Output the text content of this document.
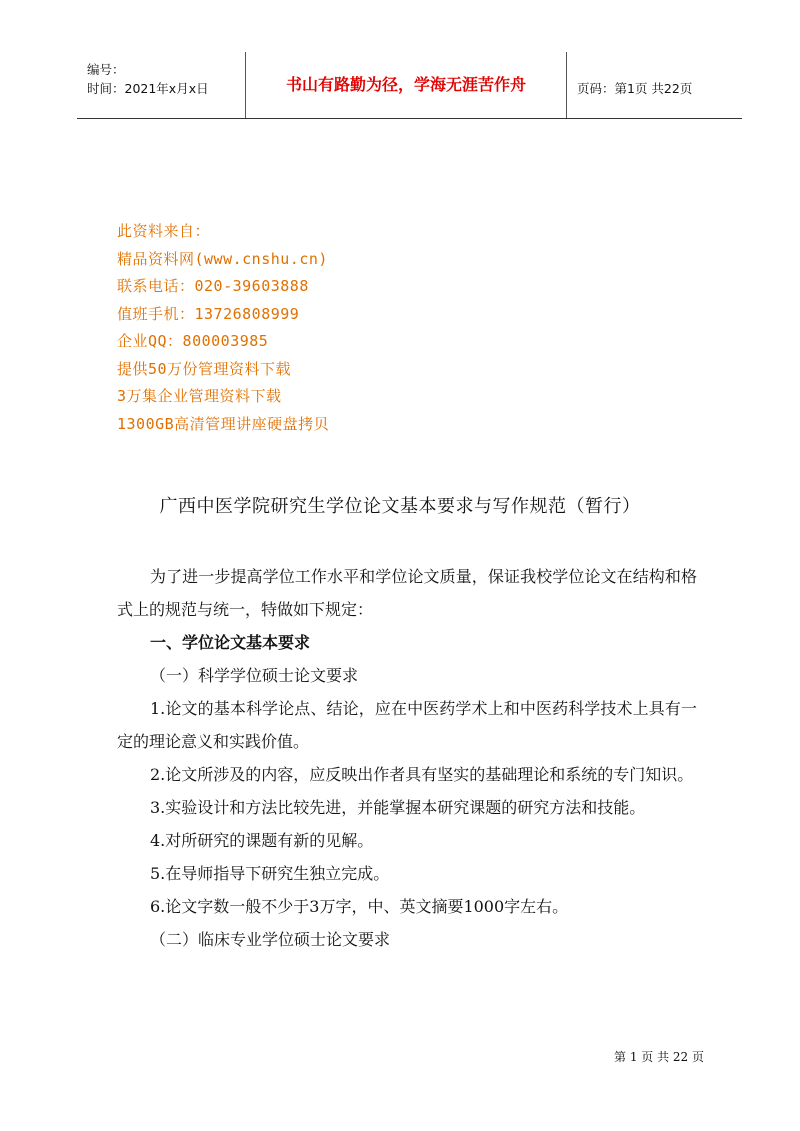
编号：
时间：2021年x月x日	书山有路勤为径，学海无涯苦作舟	页码：第1页 共22页
此资料来自：
精品资料网(www.cnshu.cn)
联系电话：020-39603888
值班手机：13726808999
企业QQ：800003985
提供50万份管理资料下载
3万集企业管理资料下载
1300GB高清管理讲座硬盘拷贝
广西中医学院研究生学位论文基本要求与写作规范（暂行）
为了进一步提高学位工作水平和学位论文质量，保证我校学位论文在结构和格式上的规范与统一，特做如下规定：
一、学位论文基本要求
（一）科学学位硕士论文要求
1.论文的基本科学论点、结论，应在中医药学术上和中医药科学技术上具有一定的理论意义和实践价值。
2.论文所涉及的内容，应反映出作者具有坚实的基础理论和系统的专门知识。
3.实验设计和方法比较先进，并能掌握本研究课题的研究方法和技能。
4.对所研究的课题有新的见解。
5.在导师指导下研究生独立完成。
6.论文字数一般不少于3万字，中、英文摘要1000字左右。
（二）临床专业学位硕士论文要求
第 1 页 共 22 页
